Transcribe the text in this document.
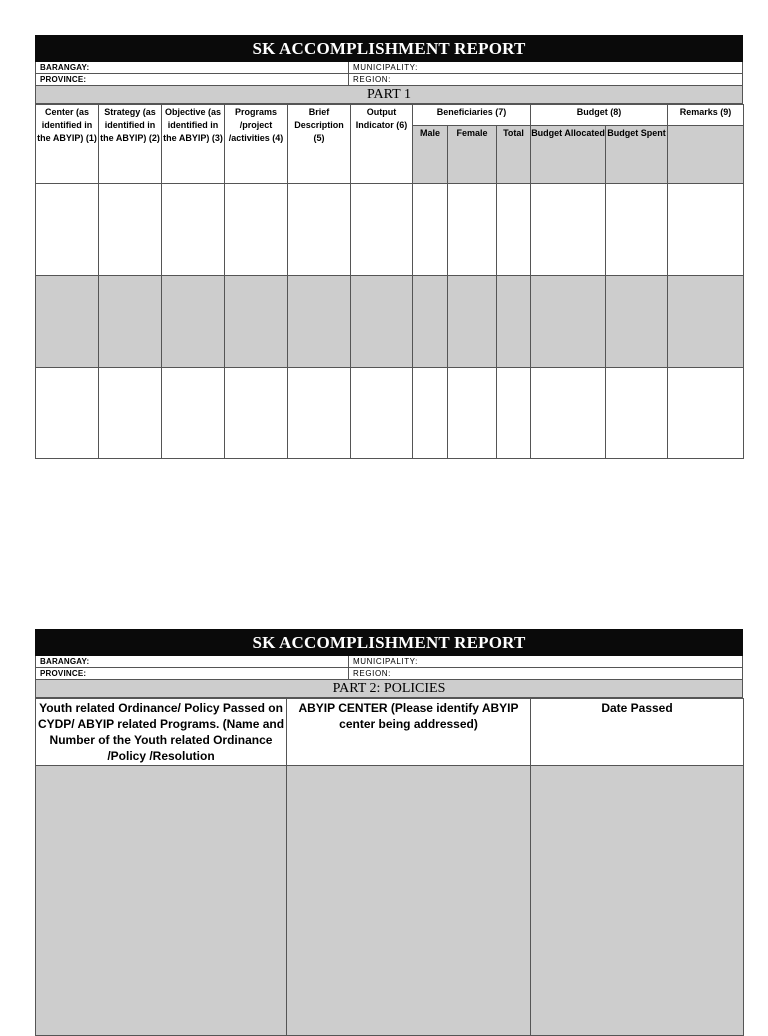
SK ACCOMPLISHMENT REPORT
BARANGAY:	MUNICIPALITY:
PROVINCE:	REGION:
PART 1
Center (as identified in the ABYIP) (1)	Strategy (as identified in the ABYIP) (2)	Objective (as identified in the ABYIP) (3)	Programs /project /activities (4)	Brief Description (5)	Output Indicator (6)	Beneficiaries (7)			Budget (8)		Remarks (9)
						Male	Female	Total	Budget Allocated	Budget Spent	

SK ACCOMPLISHMENT REPORT
BARANGAY:	MUNICIPALITY:
PROVINCE:	REGION:
PART 2: POLICIES
Youth related Ordinance/ Policy Passed on CYDP/ ABYIP related Programs. (Name and Number of the Youth related Ordinance /Policy /Resolution	ABYIP CENTER (Please identify ABYIP center being addressed)	Date Passed
